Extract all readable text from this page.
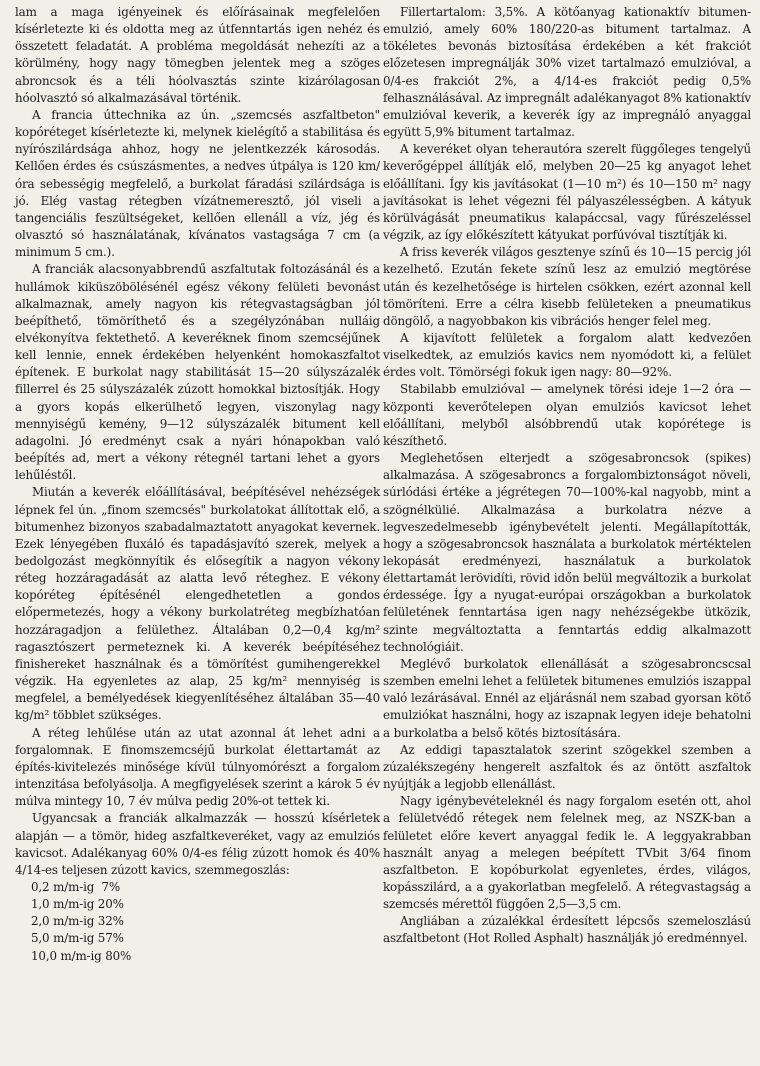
lam a maga igényeinek és előírásainak megfelelően kísérletezte ki és oldotta meg az útfenntartás igen nehéz és összetett feladatát. A probléma megoldását nehezíti az a körülmény, hogy nagy tömegben jelentek meg a szöges abroncsok és a téli hóolvasztás szinte kizárólagosan hóolvasztó só alkalmazásával történik.

A francia úttechnika az ún. „szemcsés aszfaltbeton" kopóréteget kísérletezte ki, melynek kielégítő a stabilitása és nyírószilárdsága ahhoz, hogy ne jelentkezzék károsodás. Kellően érdes és csúszásmentes, a nedves útpálya is 120 km/óra sebességig megfelelő, a burkolat fáradási szilárdsága is jó. Elég vastag rétegben vízátnemeresztő, jól viseli a tangenciális feszültségeket, kellően ellenáll a víz, jég és olvasztó só használatának, kívánatos vastagsága 7 cm (a minimum 5 cm.).

A franciák alacsonyabbrendű aszfaltutak foltozásánál és a hullámok kiküszöbölésénél egész vékony felületi bevonást alkalmaznak, amely nagyon kis rétegvastagságban jól beépíthető, tömöríthető és a szegélyzónában nulláig elvékonyítva fektethető. A keveréknek finom szemcséjűnek kell lennie, ennek érdekében helyenként homokaszfaltot építenek. E burkolat nagy stabilitását 15—20 súlyszázalék fillerrel és 25 súlyszázalék zúzott homokkal biztosítják. Hogy a gyors kopás elkerülhető legyen, viszonylag nagy mennyiségű kemény, 9—12 súlyszázalék bitument kell adagolni. Jó eredményt csak a nyári hónapokban való beépítés ad, mert a vékony rétegnél tartani lehet a gyors lehűléstől.

Miután a keverék előállításával, beépítésével nehézségek lépnek fel ún. „finom szemcsés" burkolatokat állítottak elő, a bitumenhez bizonyos szabadalmaztatott anyagokat kevernek. Ezek lényegében fluxáló és tapadásjavító szerek, melyek a bedolgozást megkönnyítik és elősegítik a nagyon vékony réteg hozzáragadását az alatta levő réteghez. E vékony kopóréteg építésénél elengedhetetlen a gondos előpermetezés, hogy a vékony burkolatréteg megbízhatóan hozzáragadjon a felülethez. Általában 0,2—0,4 kg/m² ragasztószert permeteznek ki. A keverék beépítéséhez finishereket használnak és a tömörítést gumihengerekkel végzik. Ha egyenletes az alap, 25 kg/m² mennyiség is megfelel, a bemélyedések kiegyenlítéséhez általában 35—40 kg/m² többlet szükséges.

A réteg lehűlése után az utat azonnal át lehet adni a forgalomnak. E finomszemcséjű burkolat élettartamát az építés-kivitelezés minősége kívül túlnyomórészt a forgalom intenzitása befolyásolja. A megfigyelések szerint a károk 5 év múlva mintegy 10, 7 év múlva pedig 20%-ot tettek ki.

Ugyancsak a franciák alkalmazzák — hosszú kísérletek alapján — a tömör, hideg aszfaltkeveréket, vagy az emulziós kavicsot. Adalékanyag 60% 0/4-es félig zúzott homok és 40% 4/14-es teljesen zúzott kavics, szemmegoszlás:

0,2 m/m-ig  7%
1,0 m/m-ig 20%
2,0 m/m-ig 32%
5,0 m/m-ig 57%
10,0 m/m-ig 80%

Fillertartalom: 3,5%. A kötőanyag kationaktív bitumen-emulzió, amely 60% 180/220-as bitument tartalmaz. A tökéletes bevonás biztosítása érdekében a két frakciót előzetesen impregnálják 30% vizet tartalmazó emulzióval, a 0/4-es frakciót 2%, a 4/14-es frakciót pedig 0,5% felhasználásával. Az impregnált adalékanyagot 8% kationaktív emulzióval keverik, a keverék így az impregnáló anyaggal együtt 5,9% bitument tartalmaz.

A keveréket olyan teherautóra szerelt függőleges tengelyű keverőgéppel állítják elő, melyben 20—25 kg anyagot lehet előállítani. Így kis javításokat (1—10 m²) és 10—150 m² nagy javításokat is lehet végezni fél pályaszélességben. A kátyuk körülvágását pneumatikus kalapáccsal, vagy fűrészeléssel végzik, az így előkészített kátyukat porfúvóval tisztítják ki.

A friss keverék világos gesztenye színű és 10—15 percig jól kezelhető. Ezután fekete színű lesz az emulzió megtörése után és kezelhetősége is hirtelen csökken, ezért azonnal kell tömöríteni. Erre a célra kisebb felületeken a pneumatikus döngölő, a nagyobbakon kis vibrációs henger felel meg.

A kijavított felületek a forgalom alatt kedvezően viselkedtek, az emulziós kavics nem nyomódott ki, a felület érdes volt. Tömörségi fokuk igen nagy: 80—92%.

Stabilabb emulzióval — amelynek törési ideje 1—2 óra — központi keverőtelepen olyan emulziós kavicsot lehet előállítani, melyből alsóbbrendű utak kopórétege is készíthető.

Meglehetősen elterjedt a szögesabroncsok (spikes) alkalmazása. A szögesabroncs a forgalombiztonságot növeli, súrlódási értéke a jégrétegen 70—100%-kal nagyobb, mint a szögnélkülié. Alkalmazása a burkolatra nézve a legveszedelmesebb igénybevételt jelenti. Megállapították, hogy a szögesabroncsok használata a burkolatok mértéktelen lekopását eredményezi, használatuk a burkolatok élettartamát lerövidíti, rövid időn belül megváltozik a burkolat érdessége. Így a nyugat-európai országokban a burkolatok felületének fenntartása igen nagy nehézségekbe ütközik, szinte megváltoztatta a fenntartás eddig alkalmazott technológiáit.

Meglévő burkolatok ellenállását a szögesabroncscsal szemben emelni lehet a felületek bitumenes emulziós iszappal való lezárásával. Ennél az eljárásnál nem szabad gyorsan kötő emulziókat használni, hogy az iszapnak legyen ideje behatolni a burkolatba a belső kötés biztosítására.

Az eddigi tapasztalatok szerint szögekkel szemben a zúzalékszegény hengerelt aszfaltok és az öntött aszfaltok nyújtják a legjobb ellenállást.

Nagy igénybevételeknél és nagy forgalom esetén ott, ahol a felületvédő rétegek nem felelnek meg, az NSZK-ban a felületet előre kevert anyaggal fedik le. A leggyakrabban használt anyag a melegen beépített TVbit 3/64 finom aszfaltbeton. E kopóburkolat egyenletes, érdes, világos, kopásszilárd, a a gyakorlatban megfelelő. A rétegvastagság a szemcsés mérettől függően 2,5—3,5 cm.

Angliában a zúzalékkal érdesített lépcsős szemeloszlású aszfaltbetont (Hot Rolled Asphalt) használják jó eredménnyel.
